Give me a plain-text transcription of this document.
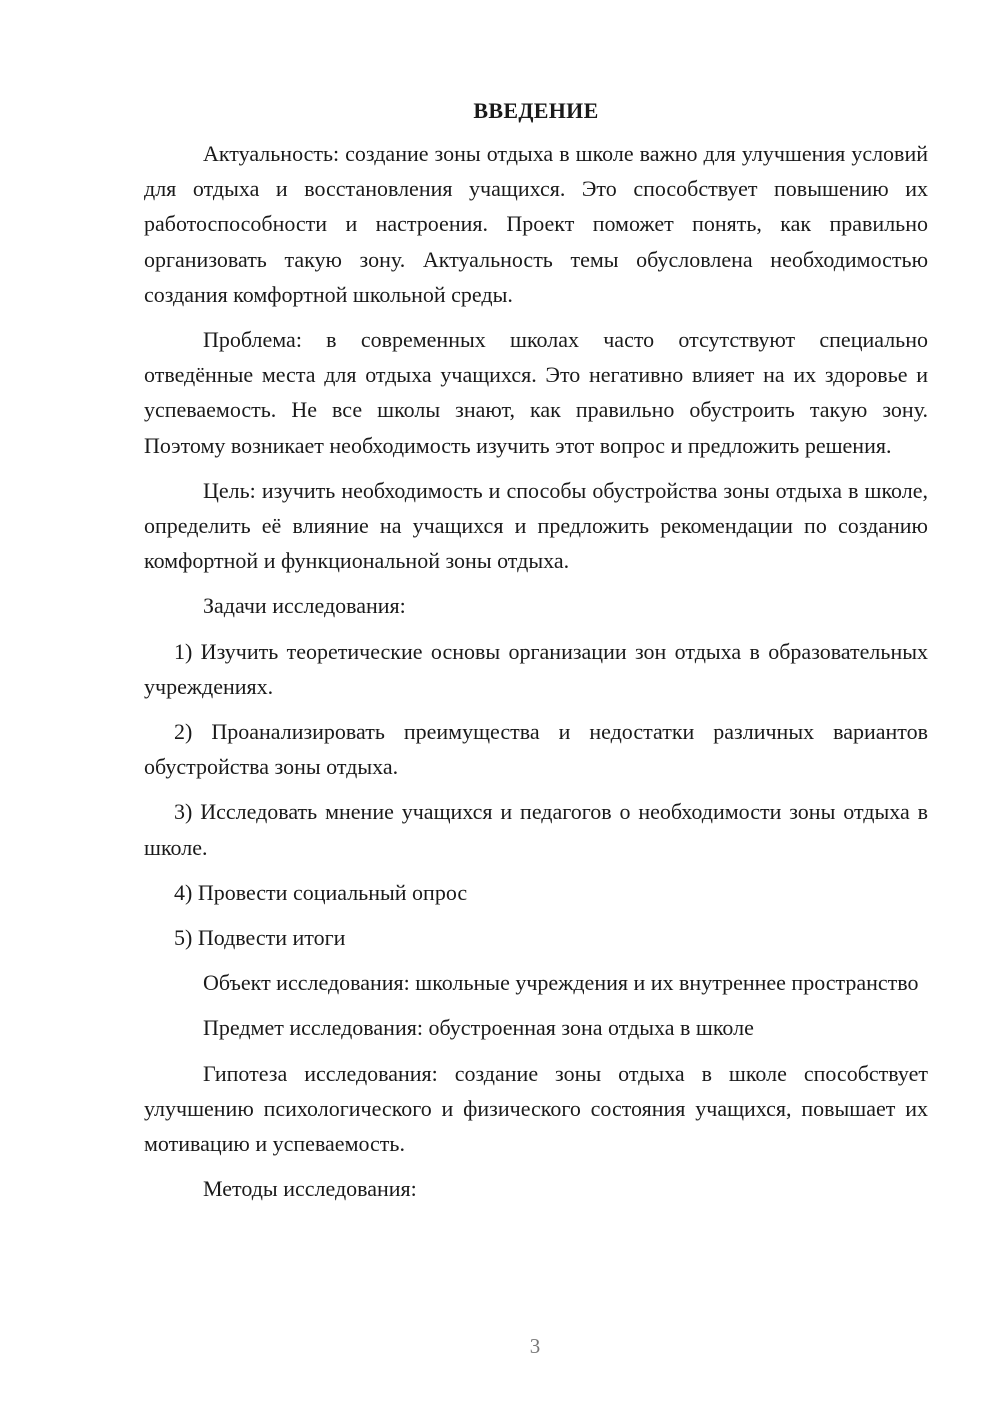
ВВЕДЕНИЕ

Актуальность: создание зоны отдыха в школе важно для улучшения условий для отдыха и восстановления учащихся. Это способствует повышению их работоспособности и настроения. Проект поможет понять, как правильно организовать такую зону. Актуальность темы обусловлена необходимостью создания комфортной школьной среды.

Проблема: в современных школах часто отсутствуют специально отведённые места для отдыха учащихся. Это негативно влияет на их здоровье и успеваемость. Не все школы знают, как правильно обустроить такую зону. Поэтому возникает необходимость изучить этот вопрос и предложить решения.

Цель: изучить необходимость и способы обустройства зоны отдыха в школе, определить её влияние на учащихся и предложить рекомендации по созданию комфортной и функциональной зоны отдыха.

Задачи исследования:

1) Изучить теоретические основы организации зон отдыха в образовательных учреждениях.

2) Проанализировать преимущества и недостатки различных вариантов обустройства зоны отдыха.

3) Исследовать мнение учащихся и педагогов о необходимости зоны отдыха в школе.

4) Провести социальный опрос

5) Подвести итоги

Объект исследования: школьные учреждения и их внутреннее пространство

Предмет исследования: обустроенная зона отдыха в школе

Гипотеза исследования: создание зоны отдыха в школе способствует улучшению психологического и физического состояния учащихся, повышает их мотивацию и успеваемость.

Методы исследования:

3
